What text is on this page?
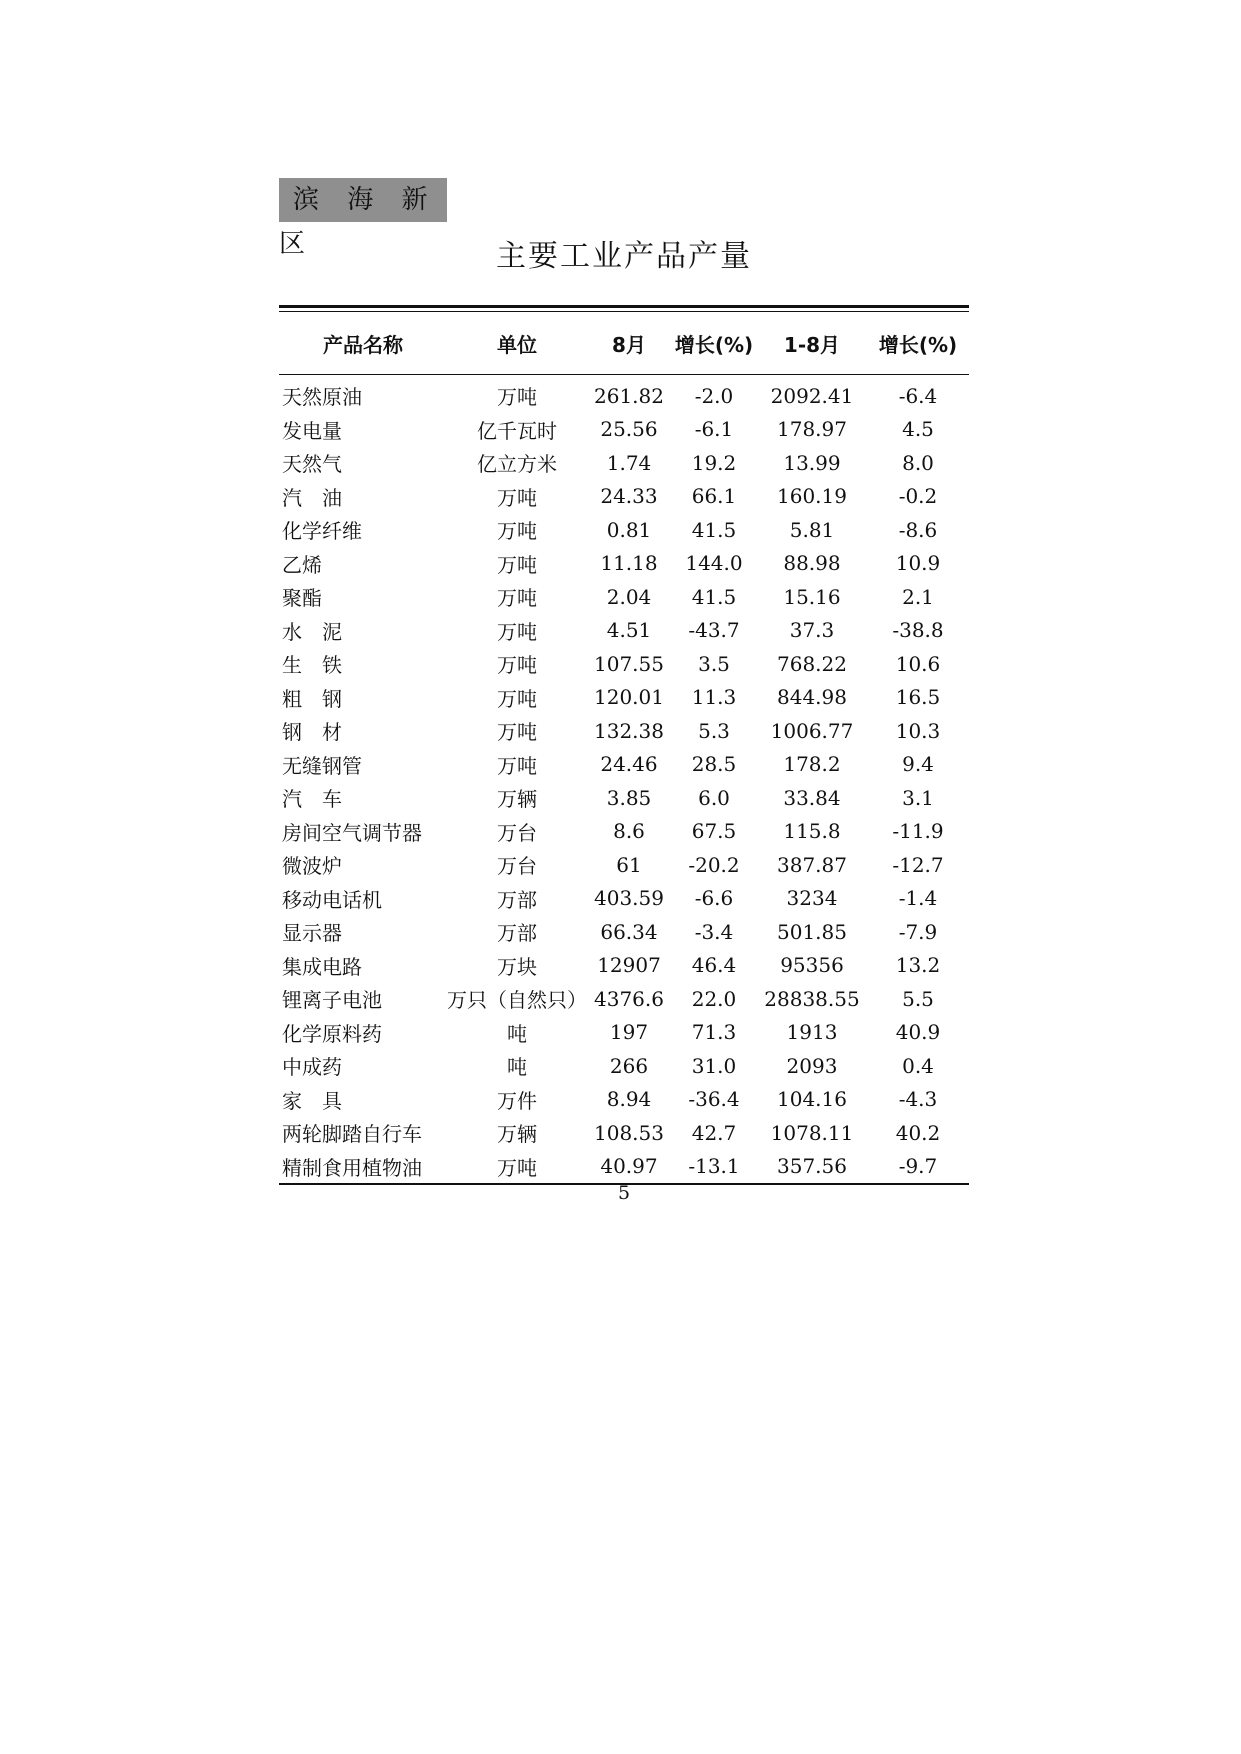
滨 海 新 区	主要工业产品产量
产品名称	单位	8月	增长(%)	1-8月	增长(%)
天然原油	万吨	261.82	-2.0	2092.41	-6.4
发电量	亿千瓦时	25.56	-6.1	178.97	4.5
天然气	亿立方米	1.74	19.2	13.99	8.0
汽　油	万吨	24.33	66.1	160.19	-0.2
化学纤维	万吨	0.81	41.5	5.81	-8.6
乙烯	万吨	11.18	144.0	88.98	10.9
聚酯	万吨	2.04	41.5	15.16	2.1
水　泥	万吨	4.51	-43.7	37.3	-38.8
生　铁	万吨	107.55	3.5	768.22	10.6
粗　钢	万吨	120.01	11.3	844.98	16.5
钢　材	万吨	132.38	5.3	1006.77	10.3
无缝钢管	万吨	24.46	28.5	178.2	9.4
汽　车	万辆	3.85	6.0	33.84	3.1
房间空气调节器	万台	8.6	67.5	115.8	-11.9
微波炉	万台	61	-20.2	387.87	-12.7
移动电话机	万部	403.59	-6.6	3234	-1.4
显示器	万部	66.34	-3.4	501.85	-7.9
集成电路	万块	12907	46.4	95356	13.2
锂离子电池	万只（自然只）	4376.6	22.0	28838.55	5.5
化学原料药	吨	197	71.3	1913	40.9
中成药	吨	266	31.0	2093	0.4
家　具	万件	8.94	-36.4	104.16	-4.3
两轮脚踏自行车	万辆	108.53	42.7	1078.11	40.2
精制食用植物油	万吨	40.97	-13.1	357.56	-9.7
5
